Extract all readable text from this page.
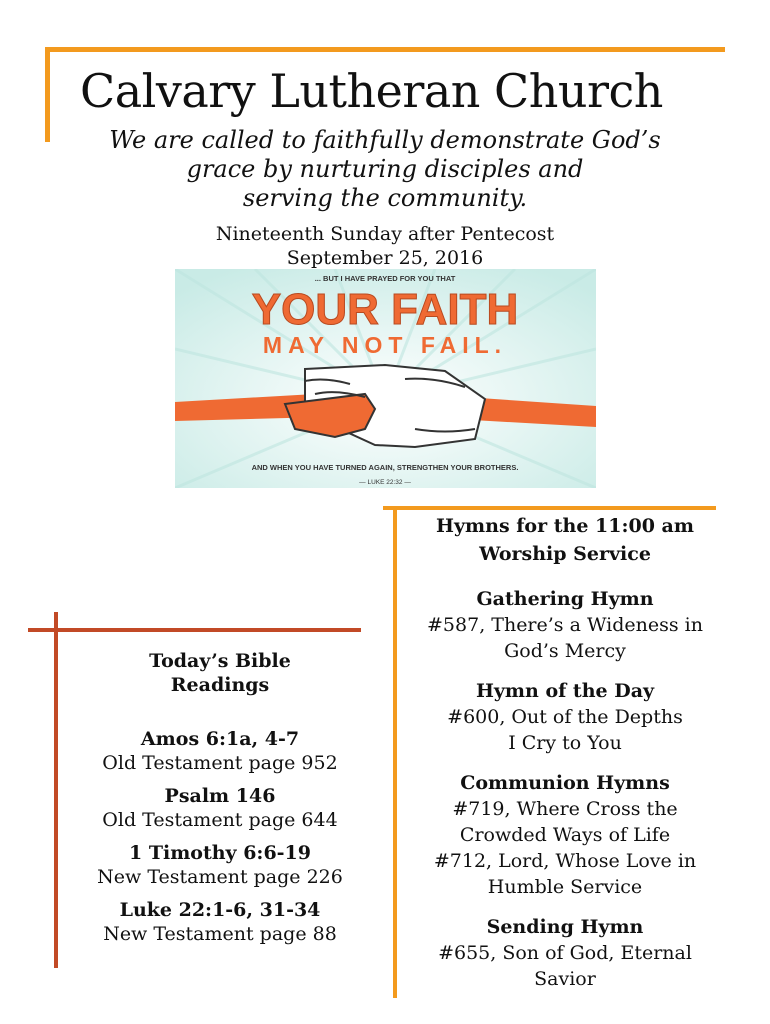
Calvary Lutheran Church
We are called to faithfully demonstrate God’s
grace by nurturing disciples and
serving the community.
Nineteenth Sunday after Pentecost
September 25, 2016
... BUT I HAVE PRAYED FOR YOU THAT
YOUR FAITH
MAY NOT FAIL.
AND WHEN YOU HAVE TURNED AGAIN, STRENGTHEN YOUR BROTHERS.
— LUKE 22:32 —
Hymns for the 11:00 am
Worship Service
Gathering Hymn
#587, There’s a Wideness in
God’s Mercy
Hymn of the Day
#600, Out of the Depths
I Cry to You
Communion Hymns
#719, Where Cross the
Crowded Ways of Life
#712, Lord, Whose Love in
Humble Service
Sending Hymn
#655, Son of God, Eternal
Savior
Today’s Bible
Readings
Amos 6:1a, 4-7
Old Testament page 952
Psalm 146
Old Testament page 644
1 Timothy 6:6-19
New Testament page 226
Luke 22:1-6, 31-34
New Testament page 88
